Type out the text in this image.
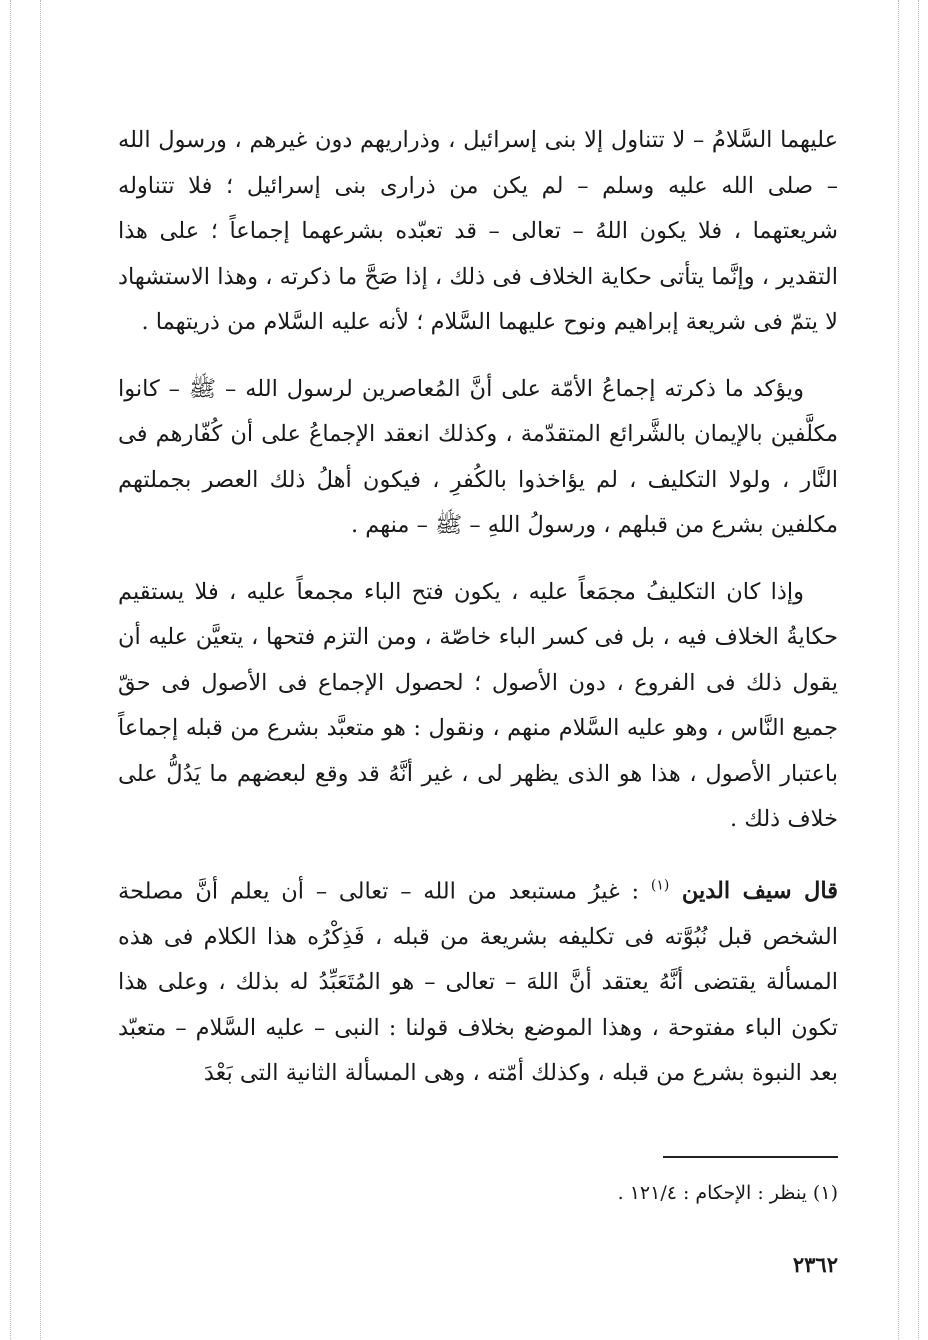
عليهما السَّلامُ – لا تتناول إلا بنى إسرائيل ، وذراريهم دون غيرهم ، ورسول الله – صلى الله عليه وسلم – لم يكن من ذرارى بنى إسرائيل ؛ فلا تتناوله شريعتهما ، فلا يكون اللهُ – تعالى – قد تعبّده بشرعهما إجماعاً ؛ على هذا التقدير ، وإنَّما يتأتى حكاية الخلاف فى ذلك ، إذا صَحَّ ما ذكرته ، وهذا الاستشهاد لا يتمّ فى شريعة إبراهيم ونوح عليهما السَّلام ؛ لأنه عليه السَّلام من ذريتهما .

ويؤكد ما ذكرته إجماعُ الأمّة على أنَّ المُعاصرين لرسول الله – ﷺ – كانوا مكلَّفين بالإيمان بالشَّرائع المتقدّمة ، وكذلك انعقد الإجماعُ على أن كُفّارهم فى النَّار ، ولولا التكليف ، لم يؤاخذوا بالكُفرِ ، فيكون أهلُ ذلك العصر بجملتهم مكلفين بشرع من قبلهم ، ورسولُ اللهِ – ﷺ – منهم .

وإذا كان التكليفُ مجمَعاً عليه ، يكون فتح الباء مجمعاً عليه ، فلا يستقيم حكايةُ الخلاف فيه ، بل فى كسر الباء خاصّة ، ومن التزم فتحها ، يتعيَّن عليه أن يقول ذلك فى الفروع ، دون الأصول ؛ لحصول الإجماع فى الأصول فى حقّ جميع النَّاس ، وهو عليه السَّلام منهم ، ونقول : هو متعبَّد بشرع من قبله إجماعاً باعتبار الأصول ، هذا هو الذى يظهر لى ، غير أنَّهُ قد وقع لبعضهم ما يَدُلُّ على خلاف ذلك .

قال سيف الدين $^{(١)}$ : غيرُ مستبعد من الله – تعالى – أن يعلم أنَّ مصلحة الشخص قبل نُبُوَّته فى تكليفه بشريعة من قبله ، فَذِكْرُه هذا الكلام فى هذه المسألة يقتضى أنَّهُ يعتقد أنَّ اللهَ – تعالى – هو المُتَعَبِّدُ له بذلك ، وعلى هذا تكون الباء مفتوحة ، وهذا الموضع بخلاف قولنا : النبى – عليه السَّلام – متعبّد بعد النبوة بشرع من قبله ، وكذلك أمّته ، وهى المسألة الثانية التى بَعْدَ

(١) ينظر : الإحكام : ١٢١/٤ .
٢٣٦٢
